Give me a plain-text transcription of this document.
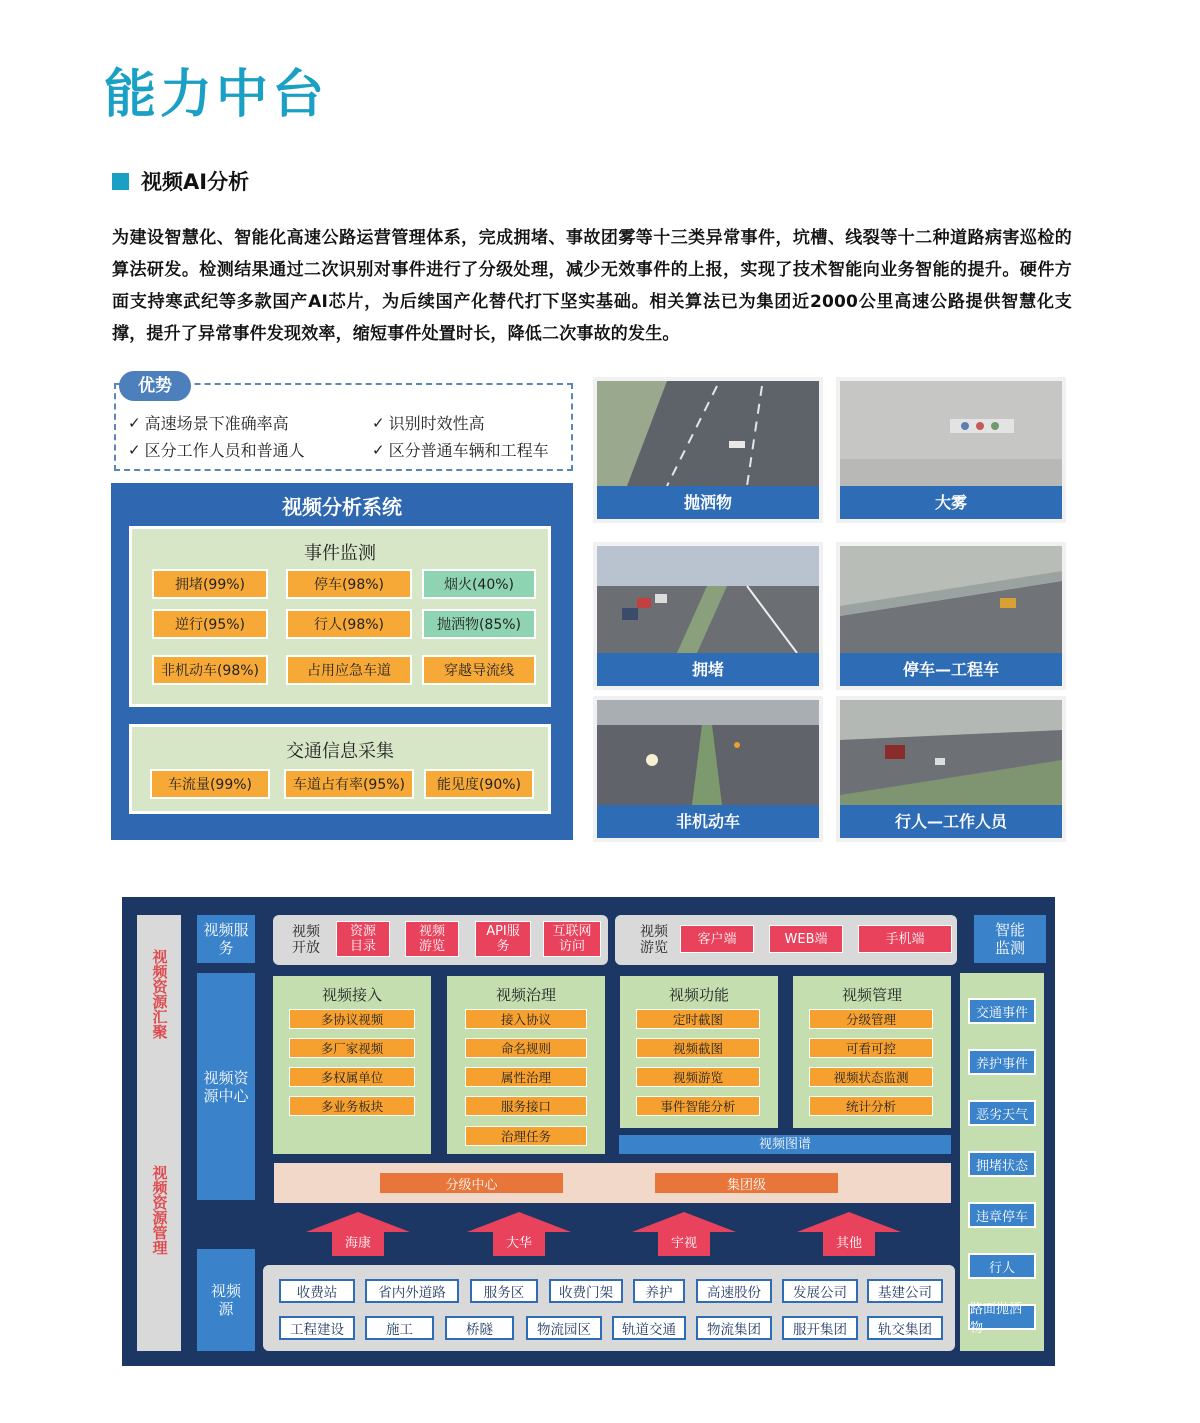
能力中台
视频AI分析
为建设智慧化、智能化高速公路运营管理体系，完成拥堵、事故团雾等十三类异常事件，坑槽、线裂等十二种道路病害巡检的算法研发。检测结果通过二次识别对事件进行了分级处理，减少无效事件的上报，实现了技术智能向业务智能的提升。硬件方面支持寒武纪等多款国产AI芯片，为后续国产化替代打下坚实基础。相关算法已为集团近2000公里高速公路提供智慧化支撑，提升了异常事件发现效率，缩短事件处置时长，降低二次事故的发生。
优势
✓ 高速场景下准确率高	✓ 识别时效性高
✓ 区分工作人员和普通人	✓ 区分普通车辆和工程车
视频分析系统
事件监测
拥堵(99%)	停车(98%)	烟火(40%)
逆行(95%)	行人(98%)	抛洒物(85%)
非机动车(98%)	占用应急车道	穿越导流线
交通信息采集
车流量(99%)	车道占有率(95%)	能见度(90%)
抛洒物	大雾
拥堵	停车—工程车
非机动车	行人—工作人员
视频资源汇聚
视频资源管理
视频服务
视频资源中心
视频源
智能监测
视频开放
资源目录
视频游览
API服务
互联网访问
视频游览
客户端	WEB端	手机端
视频接入
多协议视频
多厂家视频
多权属单位
多业务板块
视频治理
接入协议
命名规则
属性治理
服务接口
治理任务
视频功能
定时截图
视频截图
视频游览
事件智能分析
视频管理
分级管理
可看可控
视频状态监测
统计分析
视频图谱
分级中心	集团级
海康	大华	宇视	其他
收费站	省内外道路	服务区	收费门架	养护	高速股份	发展公司	基建公司
工程建设	施工	桥隧	物流园区	轨道交通	物流集团	服开集团	轨交集团
交通事件
养护事件
恶劣天气
拥堵状态
违章停车
行人
路面抛洒物
